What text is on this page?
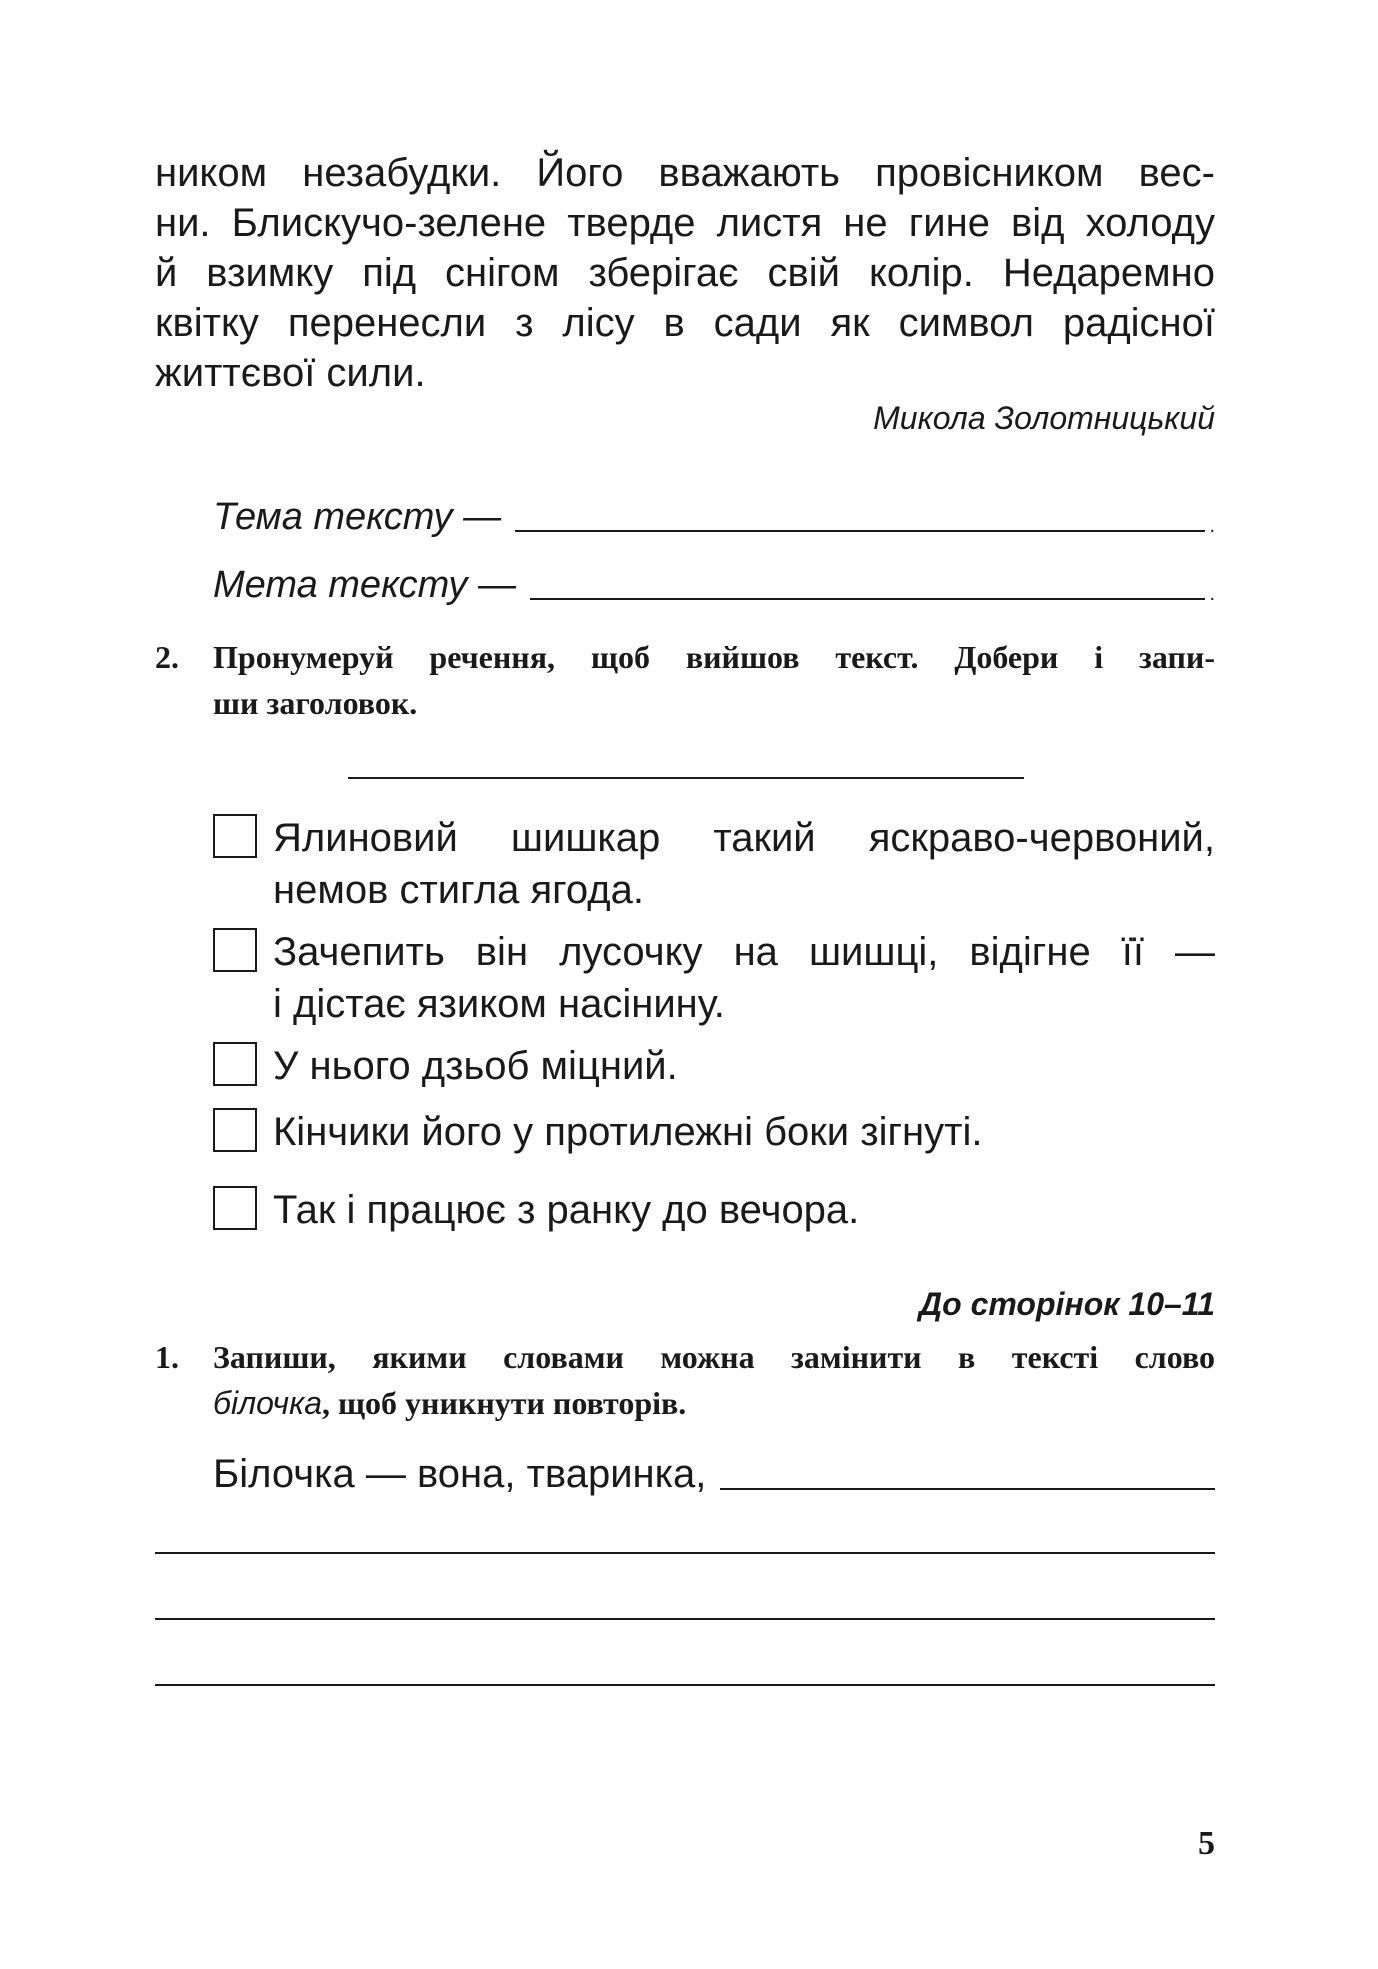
ником незабудки. Його вважають провісником вес-
ни. Блискучо-зелене тверде листя не гине від холоду
й взимку під снігом зберігає свій колір. Недаремно
квітку перенесли з лісу в сади як символ радісної
життєвої сили.
Микола Золотницький
Тема тексту —	.
Мета тексту —	.
2. Пронумеруй речення, щоб вийшов текст. Добери і запи-
ши заголовок.
Ялиновий шишкар такий яскраво-червоний,
немов стигла ягода.
Зачепить він лусочку на шишці, відігне її —
і дістає язиком насінину.
У нього дзьоб міцний.
Кінчики його у протилежні боки зігнуті.
Так і працює з ранку до вечора.
До сторінок 10–11
1. Запиши, якими словами можна замінити в тексті слово
білочка, щоб уникнути повторів.
Білочка — вона, тваринка,
5
